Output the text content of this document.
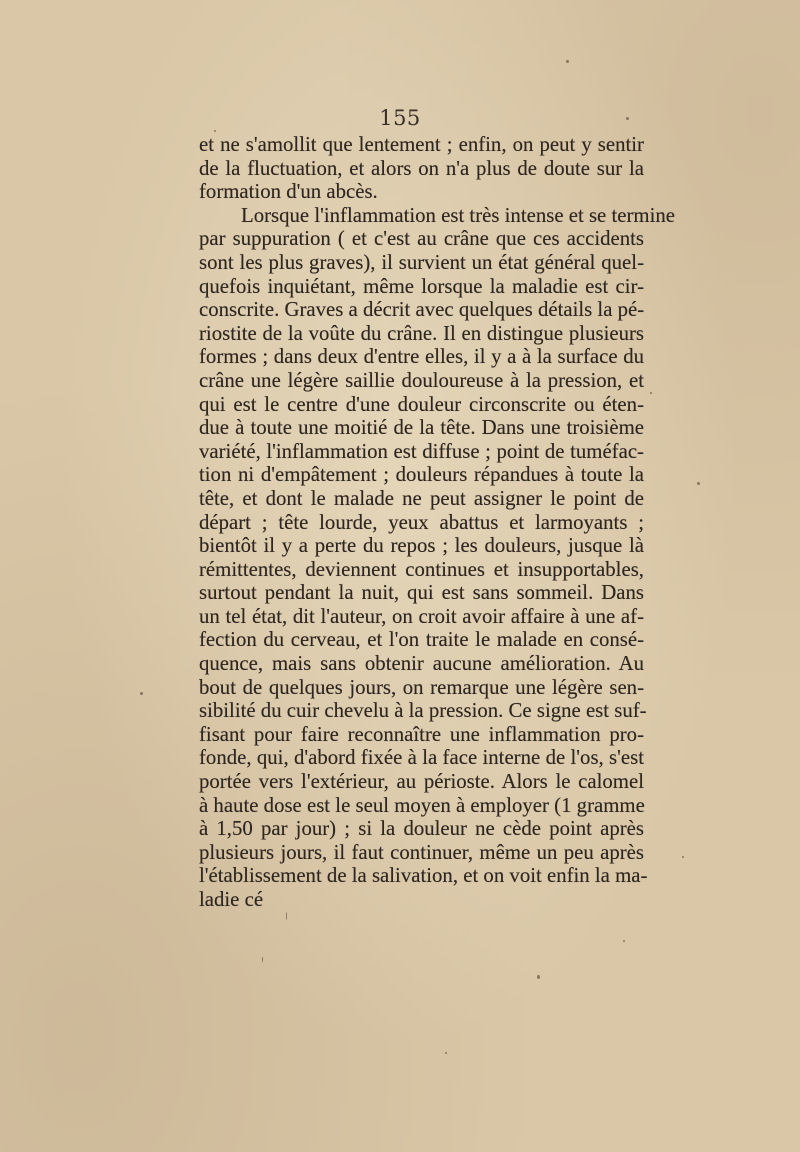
155
et ne s'amollit que lentement ; enfin, on peut y sentir
de la fluctuation, et alors on n'a plus de doute sur la
formation d'un abcès.
Lorsque l'inflammation est très intense et se termine
par suppuration ( et c'est au crâne que ces accidents
sont les plus graves), il survient un état général quel-
quefois inquiétant, même lorsque la maladie est cir-
conscrite. Graves a décrit avec quelques détails la pé-
riostite de la voûte du crâne. Il en distingue plusieurs
formes ; dans deux d'entre elles, il y a à la surface du
crâne une légère saillie douloureuse à la pression, et
qui est le centre d'une douleur circonscrite ou éten-
due à toute une moitié de la tête. Dans une troisième
variété, l'inflammation est diffuse ; point de tuméfac-
tion ni d'empâtement ; douleurs répandues à toute la
tête, et dont le malade ne peut assigner le point de
départ ; tête lourde, yeux abattus et larmoyants ;
bientôt il y a perte du repos ; les douleurs, jusque là
rémittentes, deviennent continues et insupportables,
surtout pendant la nuit, qui est sans sommeil. Dans
un tel état, dit l'auteur, on croit avoir affaire à une af-
fection du cerveau, et l'on traite le malade en consé-
quence, mais sans obtenir aucune amélioration. Au
bout de quelques jours, on remarque une légère sen-
sibilité du cuir chevelu à la pression. Ce signe est suf-
fisant pour faire reconnaître une inflammation pro-
fonde, qui, d'abord fixée à la face interne de l'os, s'est
portée vers l'extérieur, au périoste. Alors le calomel
à haute dose est le seul moyen à employer (1 gramme
à 1,50 par jour) ; si la douleur ne cède point après
plusieurs jours, il faut continuer, même un peu après
l'établissement de la salivation, et on voit enfin la ma-
ladie cé
